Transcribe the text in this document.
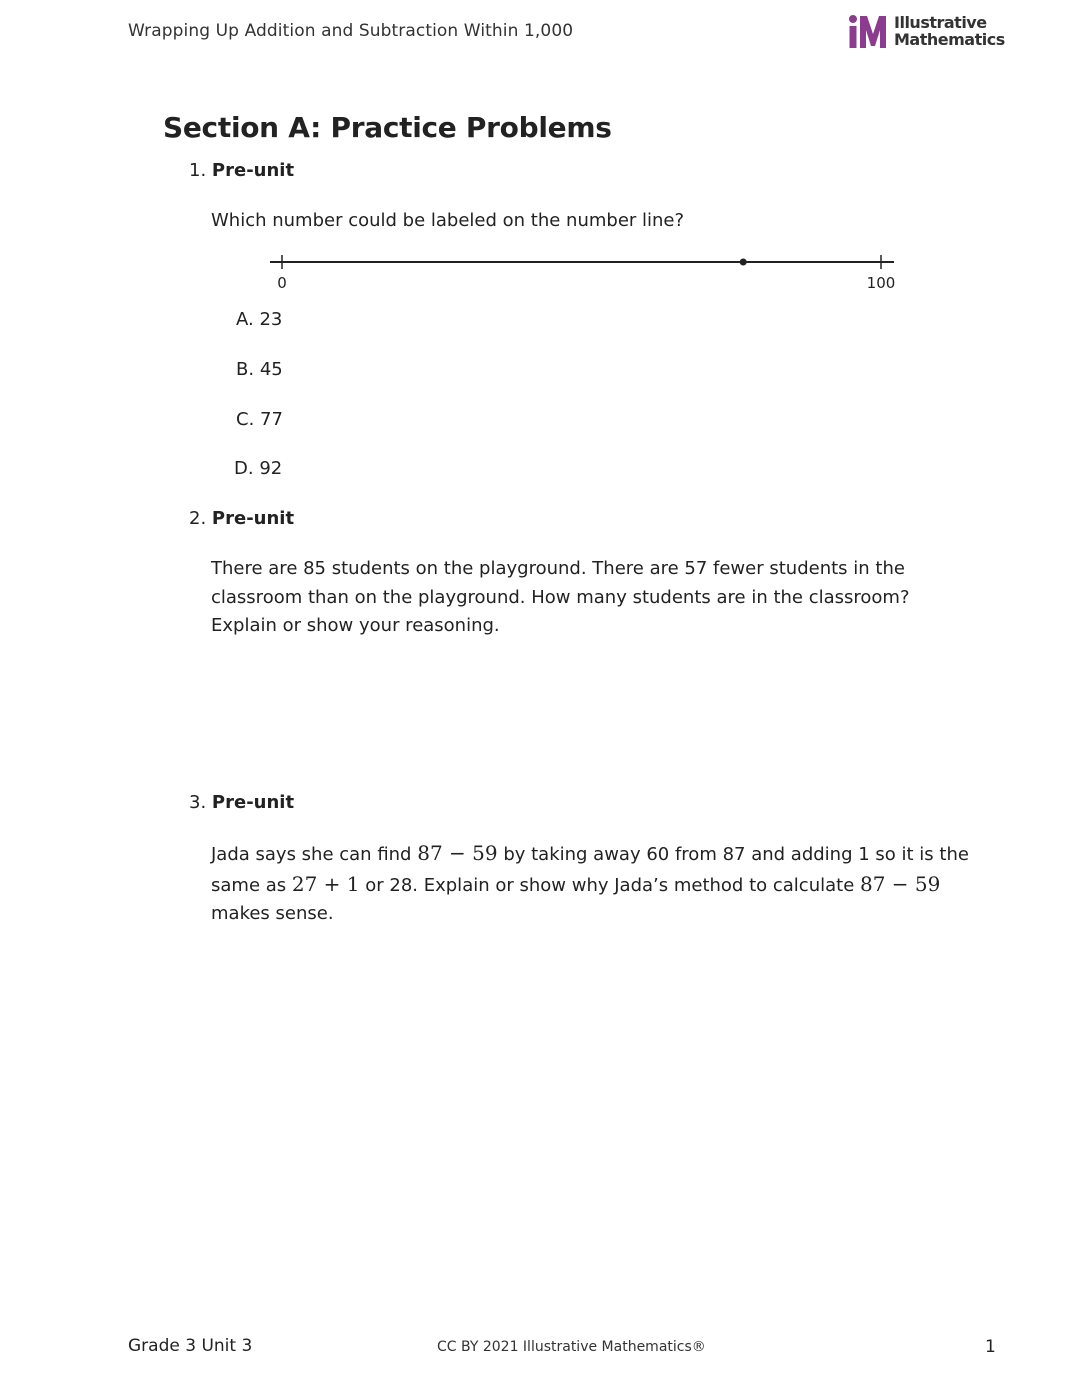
Wrapping Up Addition and Subtraction Within 1,000	Illustrative
Mathematics
Section A: Practice Problems
1. Pre-unit
Which number could be labeled on the number line?
0	100
A. 23
B. 45
C. 77
D. 92
2. Pre-unit
There are 85 students on the playground. There are 57 fewer students in the
classroom than on the playground. How many students are in the classroom?
Explain or show your reasoning.
3. Pre-unit
Jada says she can find 87 − 59 by taking away 60 from 87 and adding 1 so it is the
same as 27 + 1 or 28. Explain or show why Jada’s method to calculate 87 − 59
makes sense.
Grade 3 Unit 3	CC BY 2021 Illustrative Mathematics®	1
